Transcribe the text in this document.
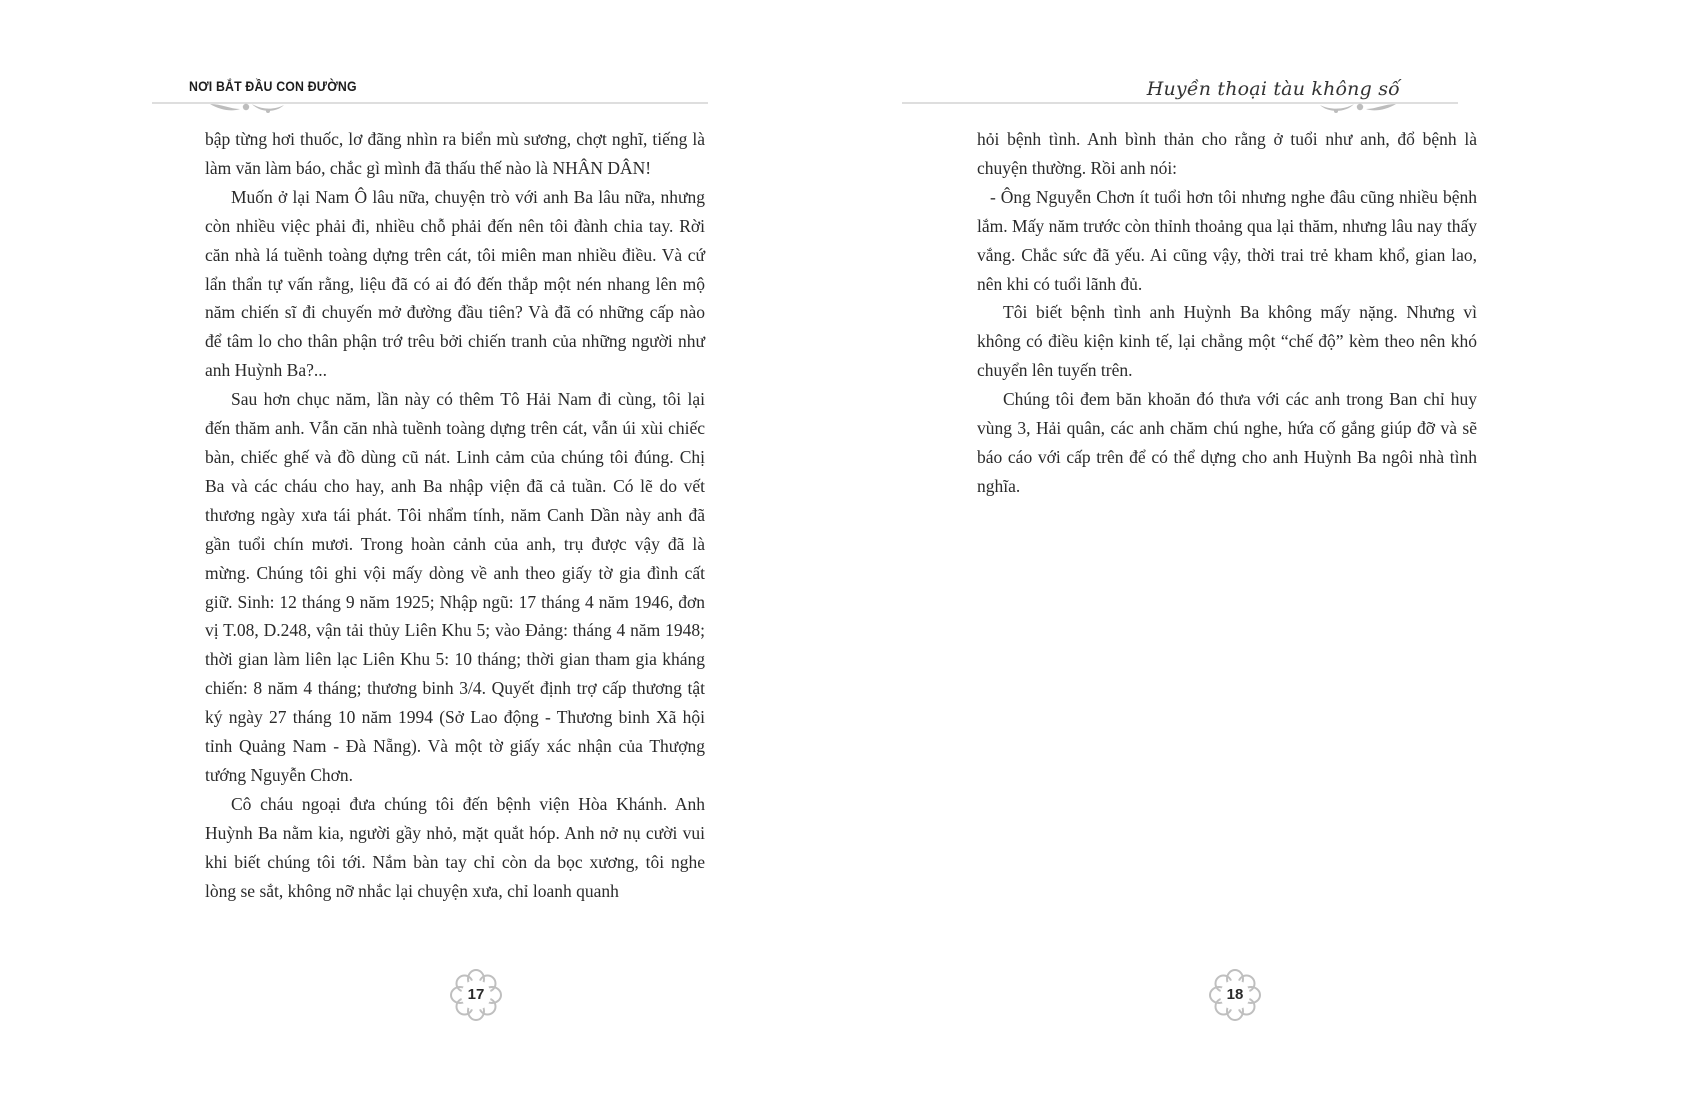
NƠI BẮT ĐẦU CON ĐƯỜNG

bập từng hơi thuốc, lơ đãng nhìn ra biển mù sương, chợt nghĩ, tiếng là làm văn làm báo, chắc gì mình đã thấu thế nào là NHÂN DÂN!

Muốn ở lại Nam Ô lâu nữa, chuyện trò với anh Ba lâu nữa, nhưng còn nhiều việc phải đi, nhiều chỗ phải đến nên tôi đành chia tay. Rời căn nhà lá tuềnh toàng dựng trên cát, tôi miên man nhiều điều. Và cứ lẩn thẩn tự vấn rằng, liệu đã có ai đó đến thắp một nén nhang lên mộ năm chiến sĩ đi chuyến mở đường đầu tiên? Và đã có những cấp nào để tâm lo cho thân phận trớ trêu bởi chiến tranh của những người như anh Huỳnh Ba?...

Sau hơn chục năm, lần này có thêm Tô Hải Nam đi cùng, tôi lại đến thăm anh. Vẫn căn nhà tuềnh toàng dựng trên cát, vẫn úi xùi chiếc bàn, chiếc ghế và đồ dùng cũ nát. Linh cảm của chúng tôi đúng. Chị Ba và các cháu cho hay, anh Ba nhập viện đã cả tuần. Có lẽ do vết thương ngày xưa tái phát. Tôi nhẩm tính, năm Canh Dần này anh đã gần tuổi chín mươi. Trong hoàn cảnh của anh, trụ được vậy đã là mừng. Chúng tôi ghi vội mấy dòng về anh theo giấy tờ gia đình cất giữ. Sinh: 12 tháng 9 năm 1925; Nhập ngũ: 17 tháng 4 năm 1946, đơn vị T.08, D.248, vận tải thủy Liên Khu 5; vào Đảng: tháng 4 năm 1948; thời gian làm liên lạc Liên Khu 5: 10 tháng; thời gian tham gia kháng chiến: 8 năm 4 tháng; thương binh 3/4. Quyết định trợ cấp thương tật ký ngày 27 tháng 10 năm 1994 (Sở Lao động - Thương binh Xã hội tỉnh Quảng Nam - Đà Nẵng). Và một tờ giấy xác nhận của Thượng tướng Nguyễn Chơn.

Cô cháu ngoại đưa chúng tôi đến bệnh viện Hòa Khánh. Anh Huỳnh Ba nằm kia, người gầy nhỏ, mặt quắt hóp. Anh nở nụ cười vui khi biết chúng tôi tới. Nắm bàn tay chỉ còn da bọc xương, tôi nghe lòng se sắt, không nỡ nhắc lại chuyện xưa, chỉ loanh quanh

17
Huyền thoại tàu không số

hỏi bệnh tình. Anh bình thản cho rằng ở tuổi như anh, đổ bệnh là chuyện thường. Rồi anh nói:

- Ông Nguyễn Chơn ít tuổi hơn tôi nhưng nghe đâu cũng nhiều bệnh lắm. Mấy năm trước còn thỉnh thoảng qua lại thăm, nhưng lâu nay thấy vắng. Chắc sức đã yếu. Ai cũng vậy, thời trai trẻ kham khổ, gian lao, nên khi có tuổi lãnh đủ.

Tôi biết bệnh tình anh Huỳnh Ba không mấy nặng. Nhưng vì không có điều kiện kinh tế, lại chẳng một “chế độ” kèm theo nên khó chuyển lên tuyến trên.

Chúng tôi đem băn khoăn đó thưa với các anh trong Ban chỉ huy vùng 3, Hải quân, các anh chăm chú nghe, hứa cố gắng giúp đỡ và sẽ báo cáo với cấp trên để có thể dựng cho anh Huỳnh Ba ngôi nhà tình nghĩa.

18
